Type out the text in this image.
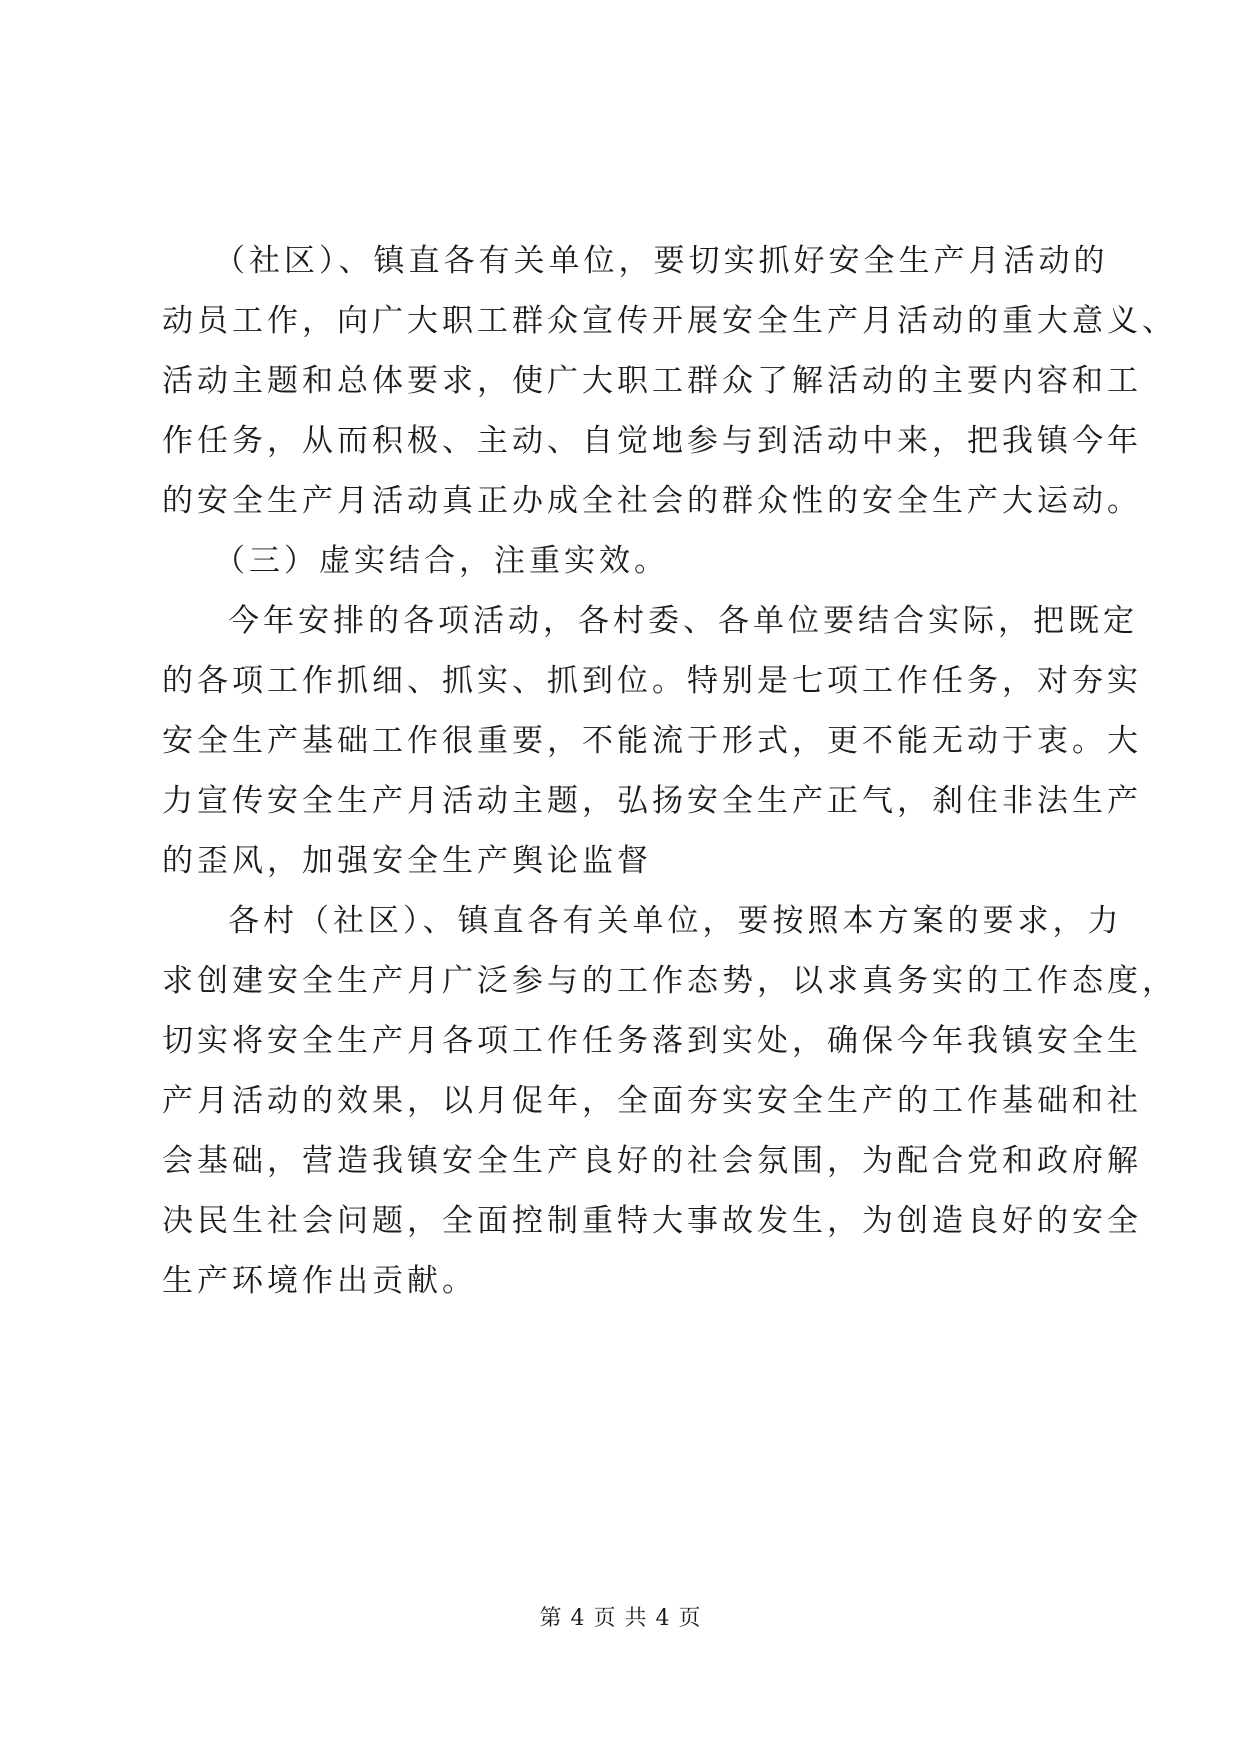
（社区）、镇直各有关单位，要切实抓好安全生产月活动的
动员工作，向广大职工群众宣传开展安全生产月活动的重大意义、
活动主题和总体要求，使广大职工群众了解活动的主要内容和工
作任务，从而积极、主动、自觉地参与到活动中来，把我镇今年
的安全生产月活动真正办成全社会的群众性的安全生产大运动。
（三）虚实结合，注重实效。
今年安排的各项活动，各村委、各单位要结合实际，把既定
的各项工作抓细、抓实、抓到位。特别是七项工作任务，对夯实
安全生产基础工作很重要，不能流于形式，更不能无动于衷。大
力宣传安全生产月活动主题，弘扬安全生产正气，刹住非法生产
的歪风，加强安全生产舆论监督
各村（社区）、镇直各有关单位，要按照本方案的要求，力
求创建安全生产月广泛参与的工作态势，以求真务实的工作态度，
切实将安全生产月各项工作任务落到实处，确保今年我镇安全生
产月活动的效果，以月促年，全面夯实安全生产的工作基础和社
会基础，营造我镇安全生产良好的社会氛围，为配合党和政府解
决民生社会问题，全面控制重特大事故发生，为创造良好的安全
生产环境作出贡献。
第 4 页 共 4 页
